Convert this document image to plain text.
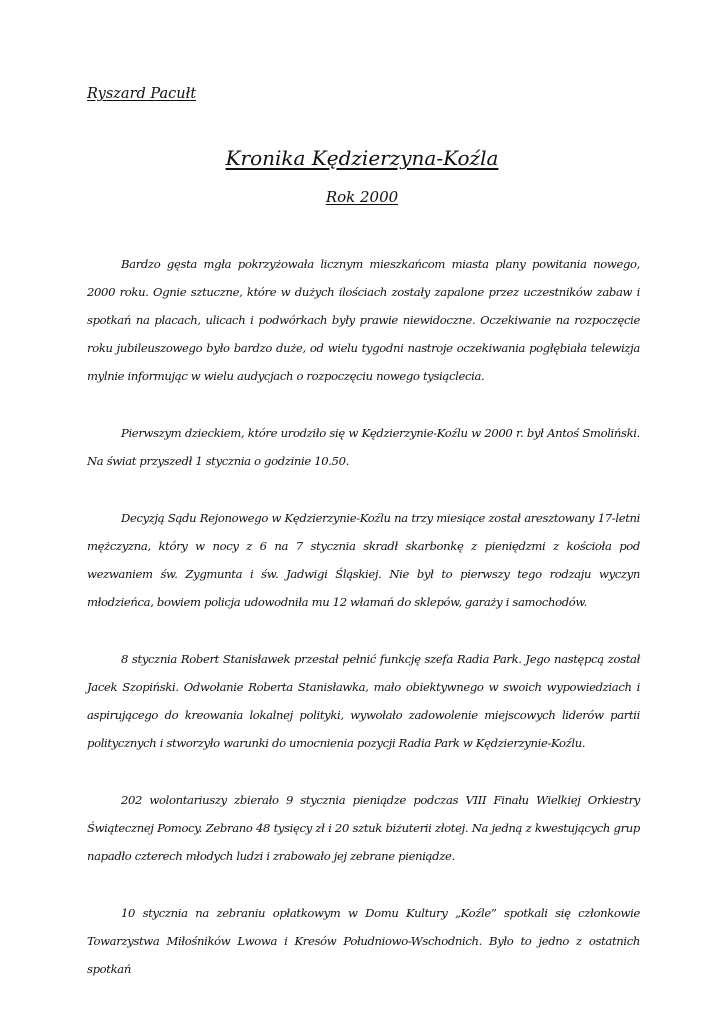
Ryszard Pacułt
Kronika Kędzierzyna-Koźla
Rok 2000

Bardzo gęsta mgła pokrzyżowała licznym mieszkańcom miasta plany powitania nowego, 2000 roku. Ognie sztuczne, które w dużych ilościach zostały zapalone przez uczestników zabaw i spotkań na placach, ulicach i podwórkach były prawie niewidoczne. Oczekiwanie na rozpoczęcie roku jubileuszowego było bardzo duże, od wielu tygodni nastroje oczekiwania pogłębiała telewizja mylnie informując w wielu audycjach o rozpoczęciu nowego tysiąclecia.

Pierwszym dzieckiem, które urodziło się w Kędzierzynie-Koźlu w 2000 r. był Antoś Smoliński. Na świat przyszedł 1 stycznia o godzinie 10.50.

Decyzją Sądu Rejonowego w Kędzierzynie-Koźlu na trzy miesiące został aresztowany 17-letni mężczyzna, który w nocy z 6 na 7 stycznia skradł skarbonkę z pieniędzmi z kościoła pod wezwaniem św. Zygmunta i św. Jadwigi Śląskiej. Nie był to pierwszy tego rodzaju wyczyn młodzieńca, bowiem policja udowodniła mu 12 włamań do sklepów, garaży i samochodów.

8 stycznia Robert Stanisławek przestał pełnić funkcję szefa Radia Park. Jego następcą został Jacek Szopiński. Odwołanie Roberta Stanisławka, mało obiektywnego w swoich wypowiedziach i aspirującego do kreowania lokalnej polityki, wywołało zadowolenie miejscowych liderów partii politycznych i stworzyło warunki do umocnienia pozycji Radia Park w Kędzierzynie-Koźlu.

202 wolontariuszy zbierało 9 stycznia pieniądze podczas VIII Finału Wielkiej Orkiestry Świątecznej Pomocy. Zebrano 48 tysięcy zł i 20 sztuk biżuterii złotej. Na jedną z kwestujących grup napadło czterech młodych ludzi i zrabowało jej zebrane pieniądze.

10 stycznia na zebraniu opłatkowym w Domu Kultury „Koźle” spotkali się członkowie Towarzystwa Miłośników Lwowa i Kresów Południowo-Wschodnich. Było to jedno z ostatnich spotkań
